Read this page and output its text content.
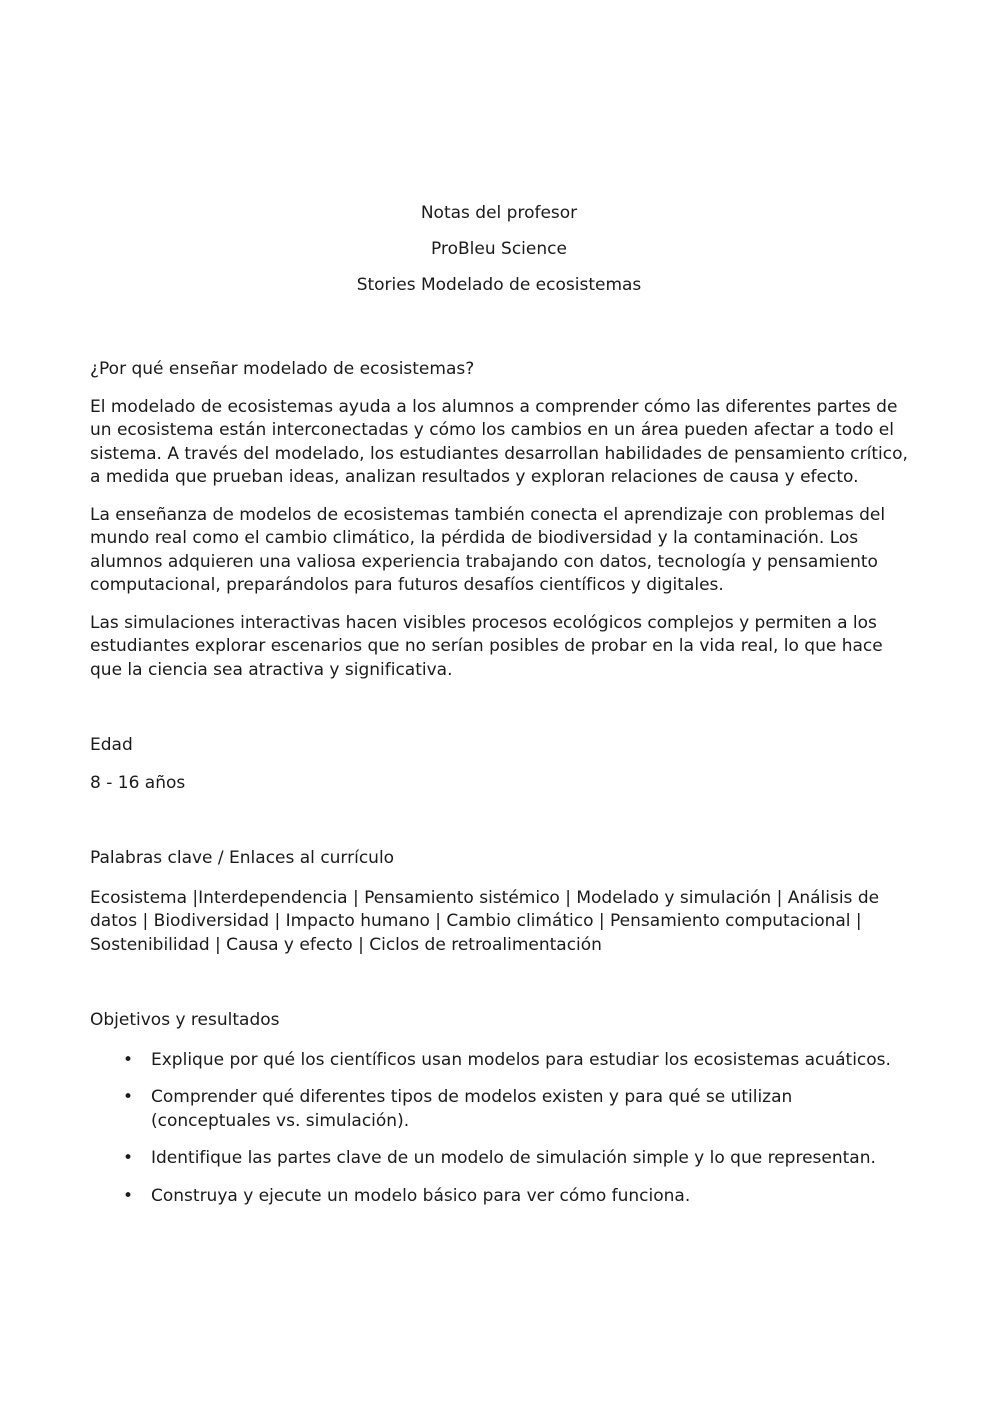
Notas del profesor
ProBleu Science
Stories Modelado de ecosistemas
¿Por qué enseñar modelado de ecosistemas?

El modelado de ecosistemas ayuda a los alumnos a comprender cómo las diferentes partes de un ecosistema están interconectadas y cómo los cambios en un área pueden afectar a todo el sistema. A través del modelado, los estudiantes desarrollan habilidades de pensamiento crítico, a medida que prueban ideas, analizan resultados y exploran relaciones de causa y efecto.

La enseñanza de modelos de ecosistemas también conecta el aprendizaje con problemas del mundo real como el cambio climático, la pérdida de biodiversidad y la contaminación. Los alumnos adquieren una valiosa experiencia trabajando con datos, tecnología y pensamiento computacional, preparándolos para futuros desafíos científicos y digitales.

Las simulaciones interactivas hacen visibles procesos ecológicos complejos y permiten a los estudiantes explorar escenarios que no serían posibles de probar en la vida real, lo que hace que la ciencia sea atractiva y significativa.

Edad

8 - 16 años

Palabras clave / Enlaces al currículo

Ecosistema |Interdependencia | Pensamiento sistémico | Modelado y simulación | Análisis de datos | Biodiversidad | Impacto humano | Cambio climático | Pensamiento computacional | Sostenibilidad | Causa y efecto | Ciclos de retroalimentación

Objetivos y resultados
• Explique por qué los científicos usan modelos para estudiar los ecosistemas acuáticos.
• Comprender qué diferentes tipos de modelos existen y para qué se utilizan (conceptuales vs. simulación).
• Identifique las partes clave de un modelo de simulación simple y lo que representan.
• Construya y ejecute un modelo básico para ver cómo funciona.
